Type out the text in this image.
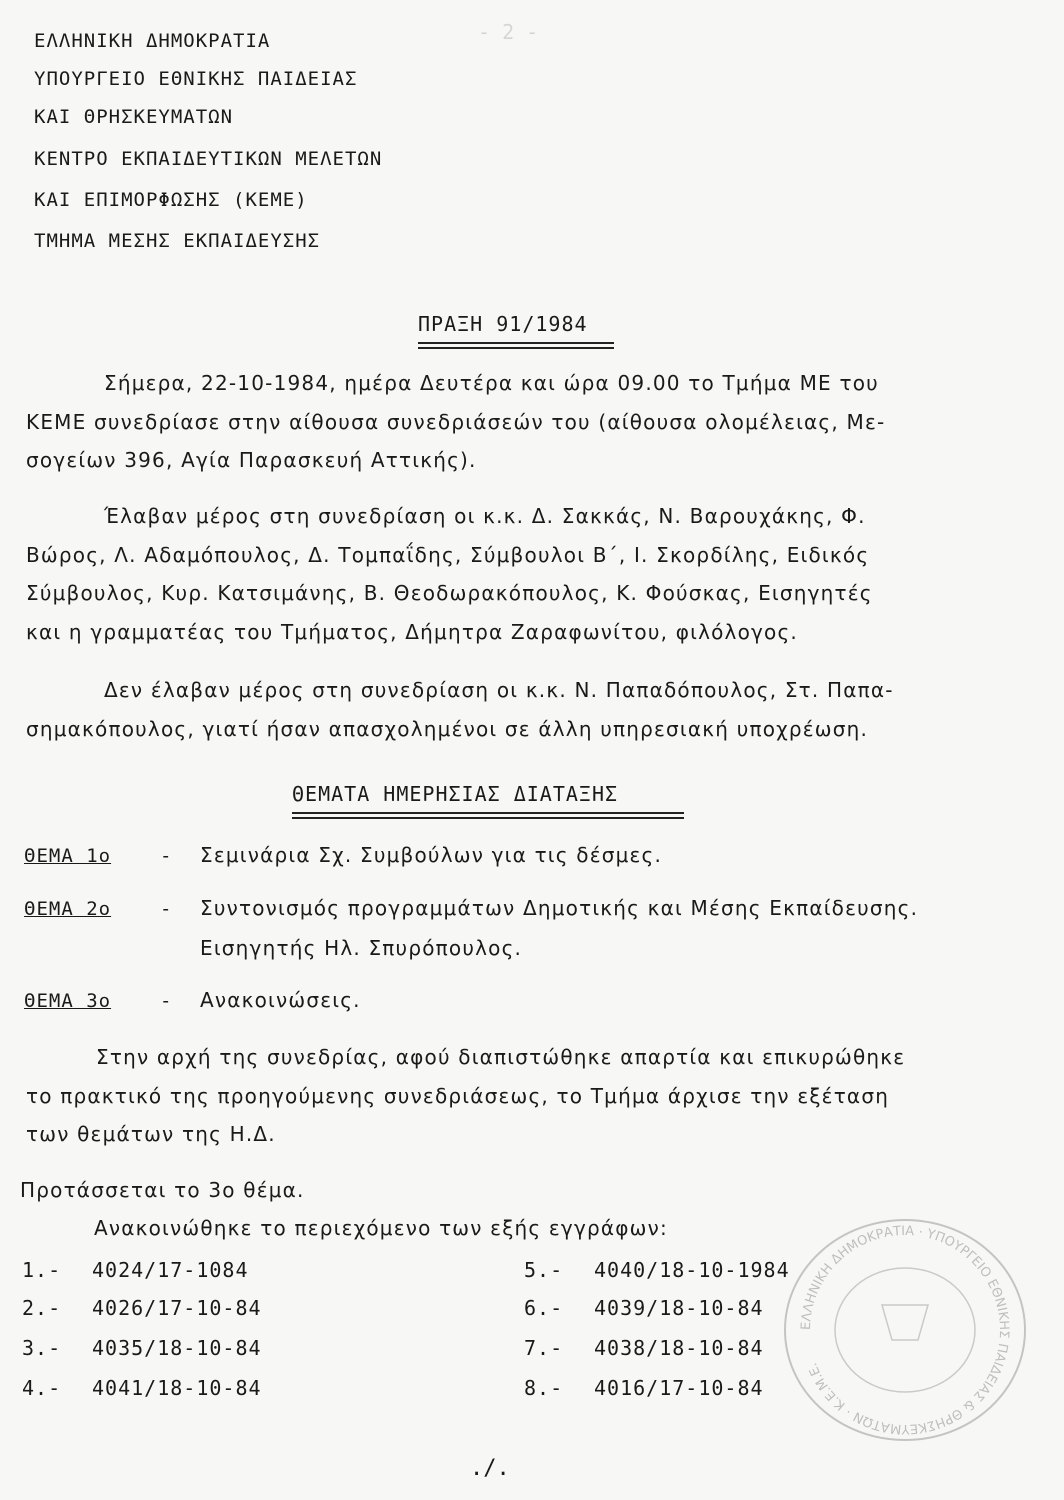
- 2 -
ΕΛΛΗΝΙΚΗ ΔΗΜΟΚΡΑΤΙΑ
ΥΠΟΥΡΓΕΙΟ ΕΘΝΙΚΗΣ ΠΑΙΔΕΙΑΣ
ΚΑΙ ΘΡΗΣΚΕΥΜΑΤΩΝ
ΚΕΝΤΡΟ ΕΚΠΑΙΔΕΥΤΙΚΩΝ ΜΕΛΕΤΩΝ
ΚΑΙ ΕΠΙΜΟΡΦΩΣΗΣ (ΚΕΜΕ)
ΤΜΗΜΑ ΜΕΣΗΣ ΕΚΠΑΙΔΕΥΣΗΣ
ΠΡΑΞΗ 91/1984
Σήμερα, 22-10-1984, ημέρα Δευτέρα και ώρα 09.00 το Τμήμα ΜΕ του
ΚΕΜΕ συνεδρίασε στην αίθουσα συνεδριάσεών του (αίθουσα ολομέλειας, Με-
σογείων 396, Αγία Παρασκευή Αττικής).
Έλαβαν μέρος στη συνεδρίαση οι κ.κ. Δ. Σακκάς, Ν. Βαρουχάκης, Φ.
Βώρος, Λ. Αδαμόπουλος, Δ. Τομπαΐδης, Σύμβουλοι Β΄, Ι. Σκορδίλης, Ειδικός
Σύμβουλος, Κυρ. Κατσιμάνης, Β. Θεοδωρακόπουλος, Κ. Φούσκας, Εισηγητές
και η γραμματέας του Τμήματος, Δήμητρα Ζαραφωνίτου, φιλόλογος.
Δεν έλαβαν μέρος στη συνεδρίαση οι κ.κ. Ν. Παπαδόπουλος, Στ. Παπα-
σημακόπουλος, γιατί ήσαν απασχολημένοι σε άλλη υπηρεσιακή υποχρέωση.
ΘΕΜΑΤΑ ΗΜΕΡΗΣΙΑΣ ΔΙΑΤΑΞΗΣ
ΘΕΜΑ 1ο	- Σεμινάρια Σχ. Συμβούλων για τις δέσμες.
ΘΕΜΑ 2ο	- Συντονισμός προγραμμάτων Δημοτικής και Μέσης Εκπαίδευσης.
Εισηγητής Ηλ. Σπυρόπουλος.
ΘΕΜΑ 3ο	- Ανακοινώσεις.
Στην αρχή της συνεδρίας, αφού διαπιστώθηκε απαρτία και επικυρώθηκε
το πρακτικό της προηγούμενης συνεδριάσεως, το Τμήμα άρχισε την εξέταση
των θεμάτων της Η.Δ.
Προτάσσεται το 3ο θέμα.
Ανακοινώθηκε το περιεχόμενο των εξής εγγράφων:
1.- 4024/17-1084
2.- 4026/17-10-84
3.- 4035/18-10-84
4.- 4041/18-10-84
5.- 4040/18-10-1984
6.- 4039/18-10-84
7.- 4038/18-10-84
8.- 4016/17-10-84
ΕΛΛΗΝΙΚΗ ΔΗΜΟΚΡΑΤΙΑ · ΥΠΟΥΡΓΕΙΟ ΕΘΝΙΚΗΣ ΠΑΙΔΕΙΑΣ & ΘΡΗΣΚΕΥΜΑΤΩΝ · Κ.Ε.Μ.Ε.
./.
